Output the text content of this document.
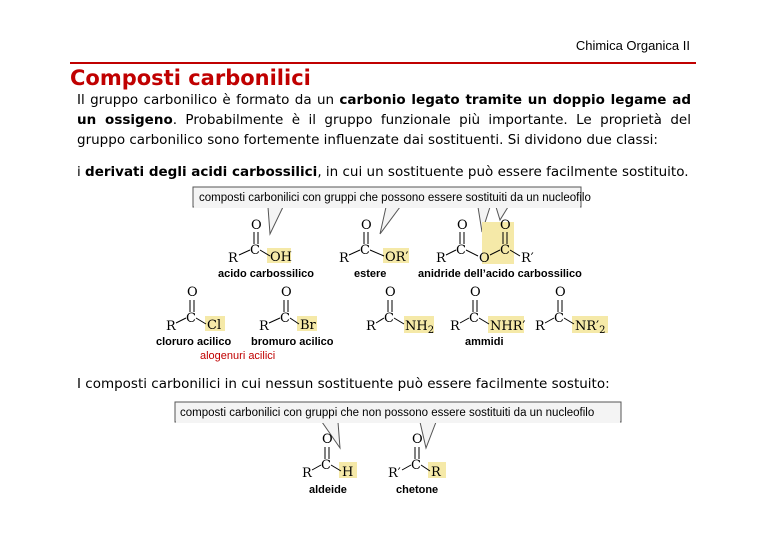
Chimica Organica II
Composti carbonilici
Il gruppo carbonilico è formato da un carbonio legato tramite un doppio legame ad un ossigeno. Probabilmente è il gruppo funzionale più importante. Le proprietà del gruppo carbonilico sono fortemente influenzate dai sostituenti. Si dividono due classi:
i derivati degli acidi carbossilici, in cui un sostituente può essere facilmente sostituito.
I composti carbonilici in cui nessun sostituente può essere facilmente sostuito:
composti carbonilici con gruppi che possono essere sostituiti da un nucleofilo
O
C
R OH
acido carbossilico
O
C
R	OR′
estere
O
C
R	O
O
C
R′
anidride dell’acido carbossilico
O
C
R Cl
cloruro acilico
O
C
R Br
bromuro acilico
alogenuri acilici
O
C
R $NH_2$
O
C
R NHR′
ammidi
O
C
R $NR'_2$
composti carbonilici con gruppi che non possono essere sostituiti da un nucleofilo
O
C
R H
aldeide
O
C
R′ R
chetone
